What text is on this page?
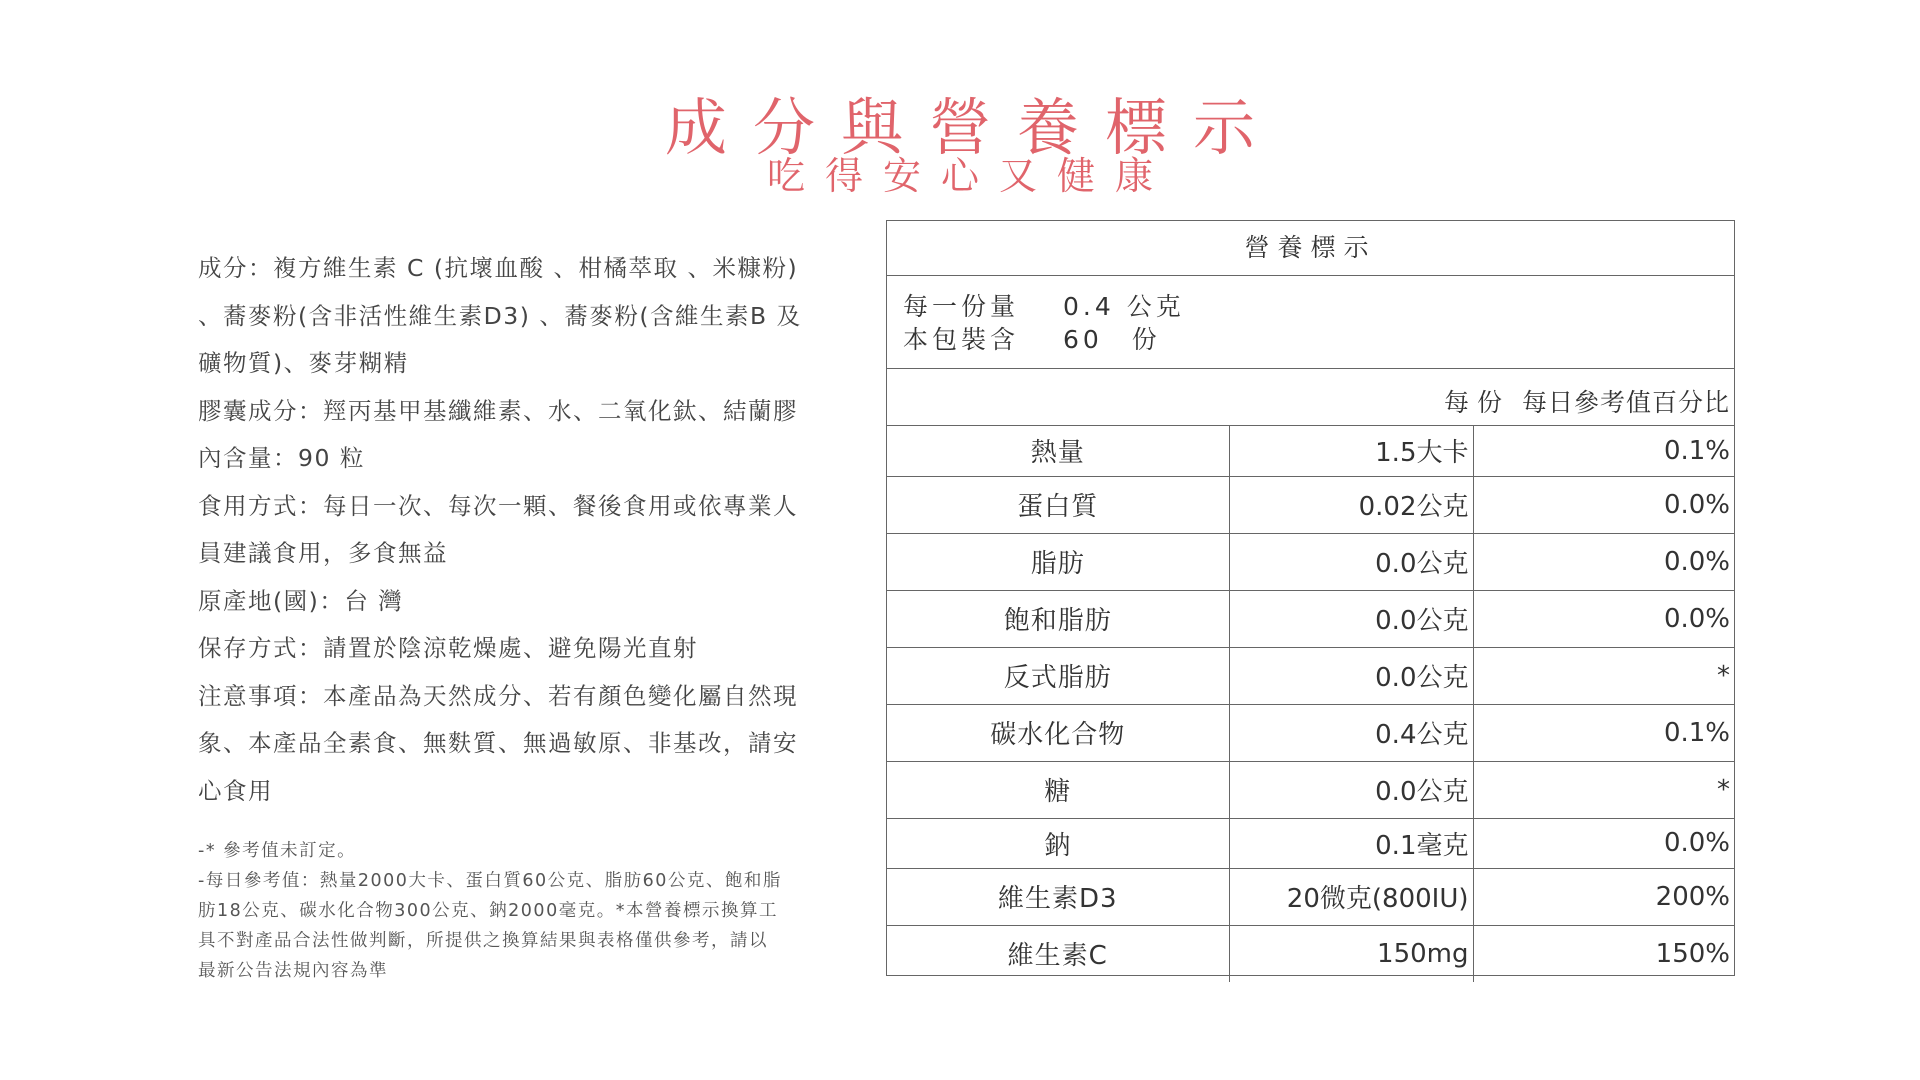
成分與營養標示
吃得安心又健康

成分：複方維生素 C (抗壞血酸 、柑橘萃取 、米糠粉)

、蕎麥粉(含非活性維生素D3) 、蕎麥粉(含維生素B 及

礦物質)、麥芽糊精

膠囊成分：羥丙基甲基纖維素、水、二氧化鈦、結蘭膠

內含量：90 粒

食用方式：每日一次、每次一顆、餐後食用或依專業人

員建議食用，多食無益

原產地(國)：台 灣

保存方式：請置於陰涼乾燥處、避免陽光直射

注意事項：本產品為天然成分、若有顏色變化屬自然現

象、本產品全素食、無麩質、無過敏原、非基改，請安

心食用

-* 參考值未訂定。

-每日參考值：熱量2000大卡、蛋白質60公克、脂肪60公克、飽和脂

肪18公克、碳水化合物300公克、鈉2000毫克。*本營養標示換算工

具不對產品合法性做判斷，所提供之換算結果與表格僅供參考，請以

最新公告法規內容為準

營養標示
每一份量	0.4 公克
本包裝含	60　份
每份 每日參考值百分比
熱量	1.5大卡	0.1%
蛋白質	0.02公克	0.0%
脂肪	0.0公克	0.0%
飽和脂肪	0.0公克	0.0%
反式脂肪	0.0公克	*
碳水化合物	0.4公克	0.1%
糖	0.0公克	*
鈉	0.1毫克	0.0%
維生素D3	20微克(800IU)	200%
維生素C	150mg	150%
